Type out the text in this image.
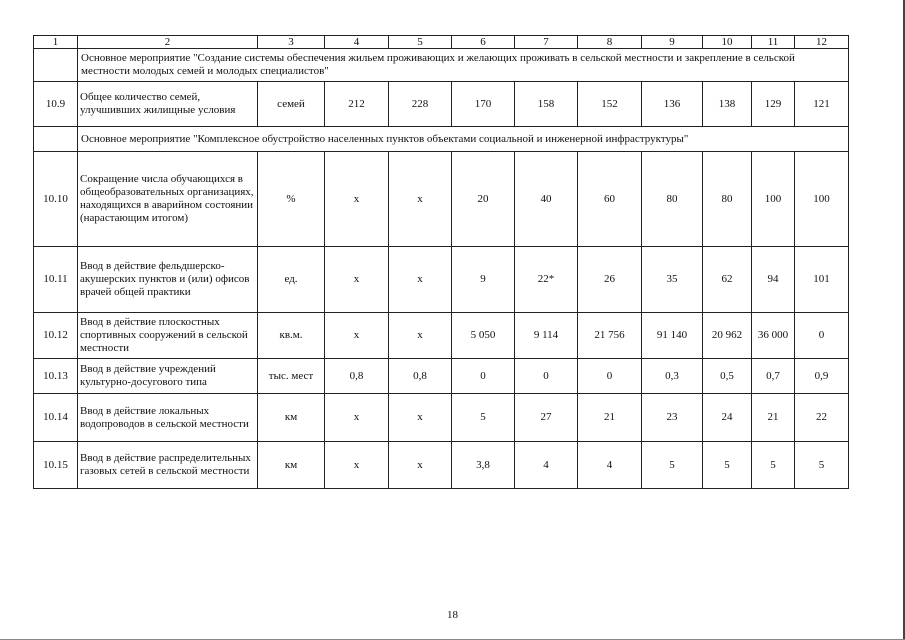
1	2	3	4	5	6	7	8	9	10	11	12
	Основное мероприятие "Создание системы обеспечения жильем проживающих и желающих проживать в сельской местности и закрепление в сельской местности молодых семей и молодых специалистов"										
10.9	Общее количество семей, улучшивших жилищные условия	семей	212	228	170	158	152	136	138	129	121
	Основное мероприятие "Комплексное обустройство населенных пунктов объектами социальной и инженерной инфраструктуры"										
10.10	Сокращение числа обучающихся в общеобразовательных организациях, находящихся в аварийном состоянии (нарастающим итогом)	%	x	x	20	40	60	80	80	100	100
10.11	Ввод в действие фельдшерско-акушерских пунктов и (или) офисов врачей общей практики	ед.	x	x	9	22*	26	35	62	94	101
10.12	Ввод в действие плоскостных спортивных сооружений в сельской местности	кв.м.	x	x	5 050	9 114	21 756	91 140	20 962	36 000	0
10.13	Ввод в действие учреждений культурно-досугового типа	тыс. мест	0,8	0,8	0	0	0	0,3	0,5	0,7	0,9
10.14	Ввод в действие локальных водопроводов в сельской местности	км	x	x	5	27	21	23	24	21	22
10.15	Ввод в действие распределительных газовых сетей в сельской местности	км	x	x	3,8	4	4	5	5	5	5
18
